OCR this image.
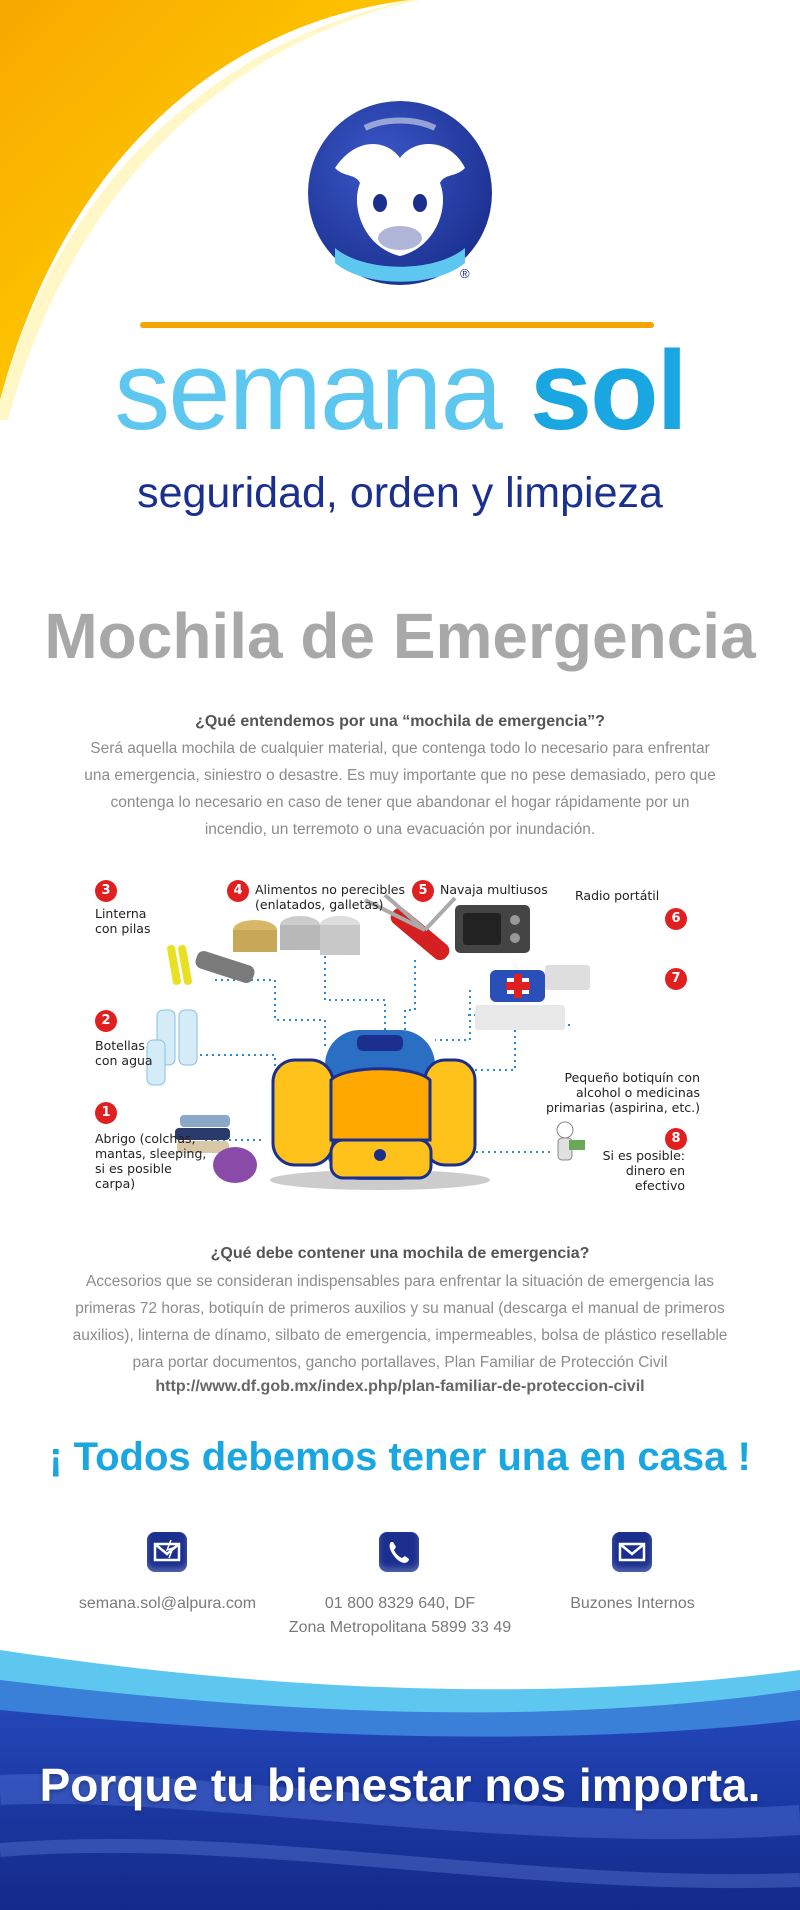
®
semana sol
seguridad, orden y limpieza
Mochila de Emergencia
¿Qué entendemos por una “mochila de emergencia”?
Será aquella mochila de cualquier material, que contenga todo lo necesario para enfrentar una emergencia, siniestro o desastre. Es muy importante que no pese demasiado, pero que contenga lo necesario en caso de tener que abandonar el hogar rápidamente por un incendio, un terremoto o una evacuación por inundación.
3
Linterna con pilas
4 Alimentos no perecibles (enlatados, galletas)
5 Navaja multiusos	Radio portátil
6
7
Pequeño botiquín con alcohol o medicinas primarias (aspirina, etc.)
2
Botellas con agua
1
Abrigo (colchas, mantas, sleeping, si es posible carpa)
8
Si es posible: dinero en efectivo
¿Qué debe contener una mochila de emergencia?
Accesorios que se consideran indispensables para enfrentar la situación de emergencia las primeras 72 horas, botiquín de primeros auxilios y su manual (descarga el manual de primeros auxilios), linterna de dínamo, silbato de emergencia, impermeables, bolsa de plástico resellable para portar documentos, gancho portallaves, Plan Familiar de Protección Civil
http://www.df.gob.mx/index.php/plan-familiar-de-proteccion-civil
¡ Todos debemos tener una en casa !
semana.sol@alpura.com	01 800 8329 640, DF
Zona Metropolitana 5899 33 49
Buzones Internos
Porque tu bienestar nos importa.
